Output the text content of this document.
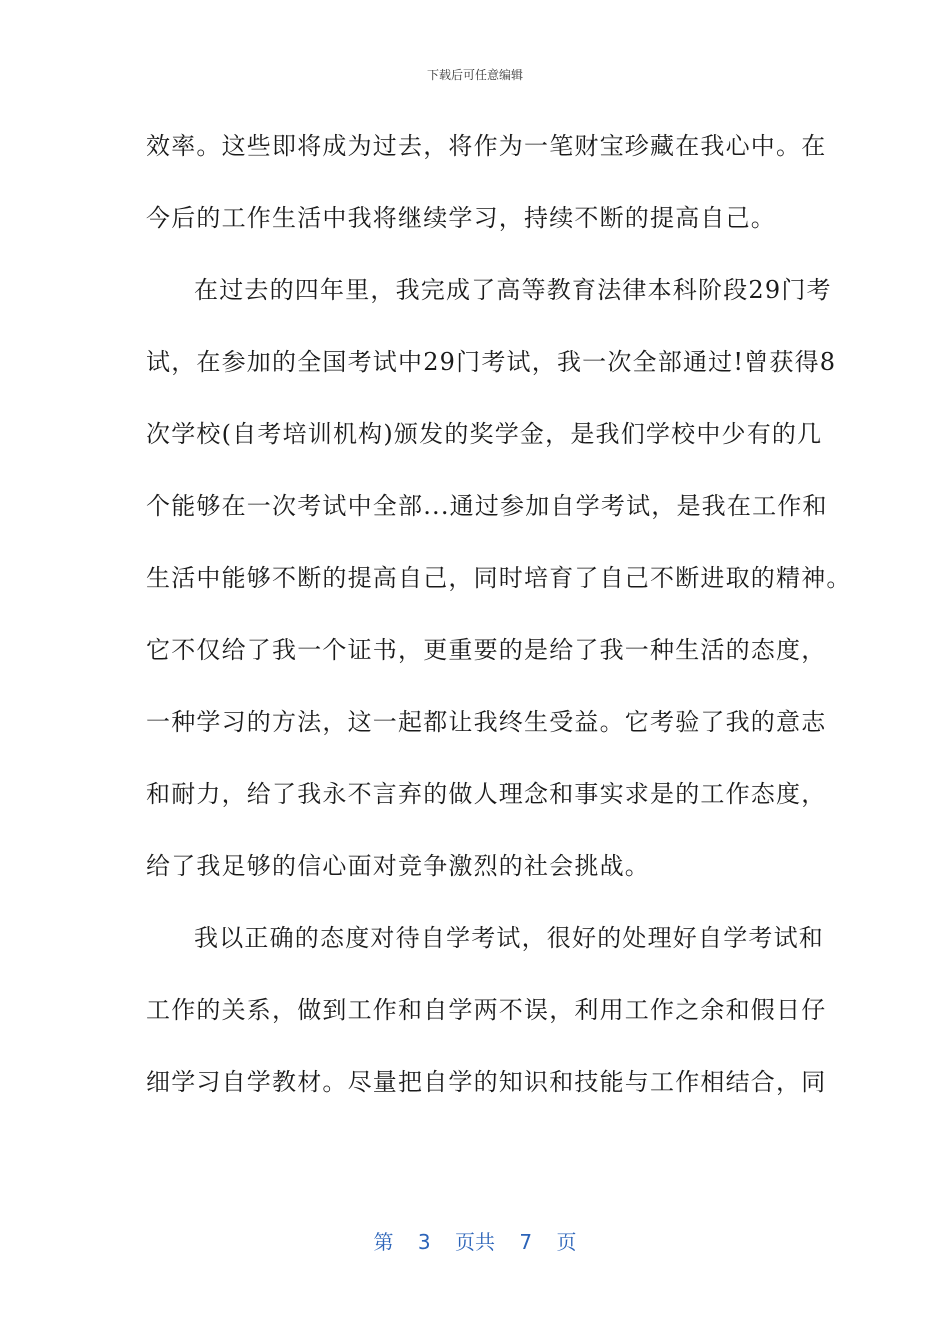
下载后可任意编辑
效率。这些即将成为过去，将作为一笔财宝珍藏在我心中。在
今后的工作生活中我将继续学习，持续不断的提高自己。
在过去的四年里，我完成了高等教育法律本科阶段29门考
试，在参加的全国考试中29门考试，我一次全部通过!曾获得8
次学校(自考培训机构)颁发的奖学金，是我们学校中少有的几
个能够在一次考试中全部...通过参加自学考试，是我在工作和
生活中能够不断的提高自己，同时培育了自己不断进取的精神。
它不仅给了我一个证书，更重要的是给了我一种生活的态度，
一种学习的方法，这一起都让我终生受益。它考验了我的意志
和耐力，给了我永不言弃的做人理念和事实求是的工作态度，
给了我足够的信心面对竞争激烈的社会挑战。
我以正确的态度对待自学考试，很好的处理好自学考试和
工作的关系，做到工作和自学两不误，利用工作之余和假日仔
细学习自学教材。尽量把自学的知识和技能与工作相结合，同
第 3 页共 7 页
